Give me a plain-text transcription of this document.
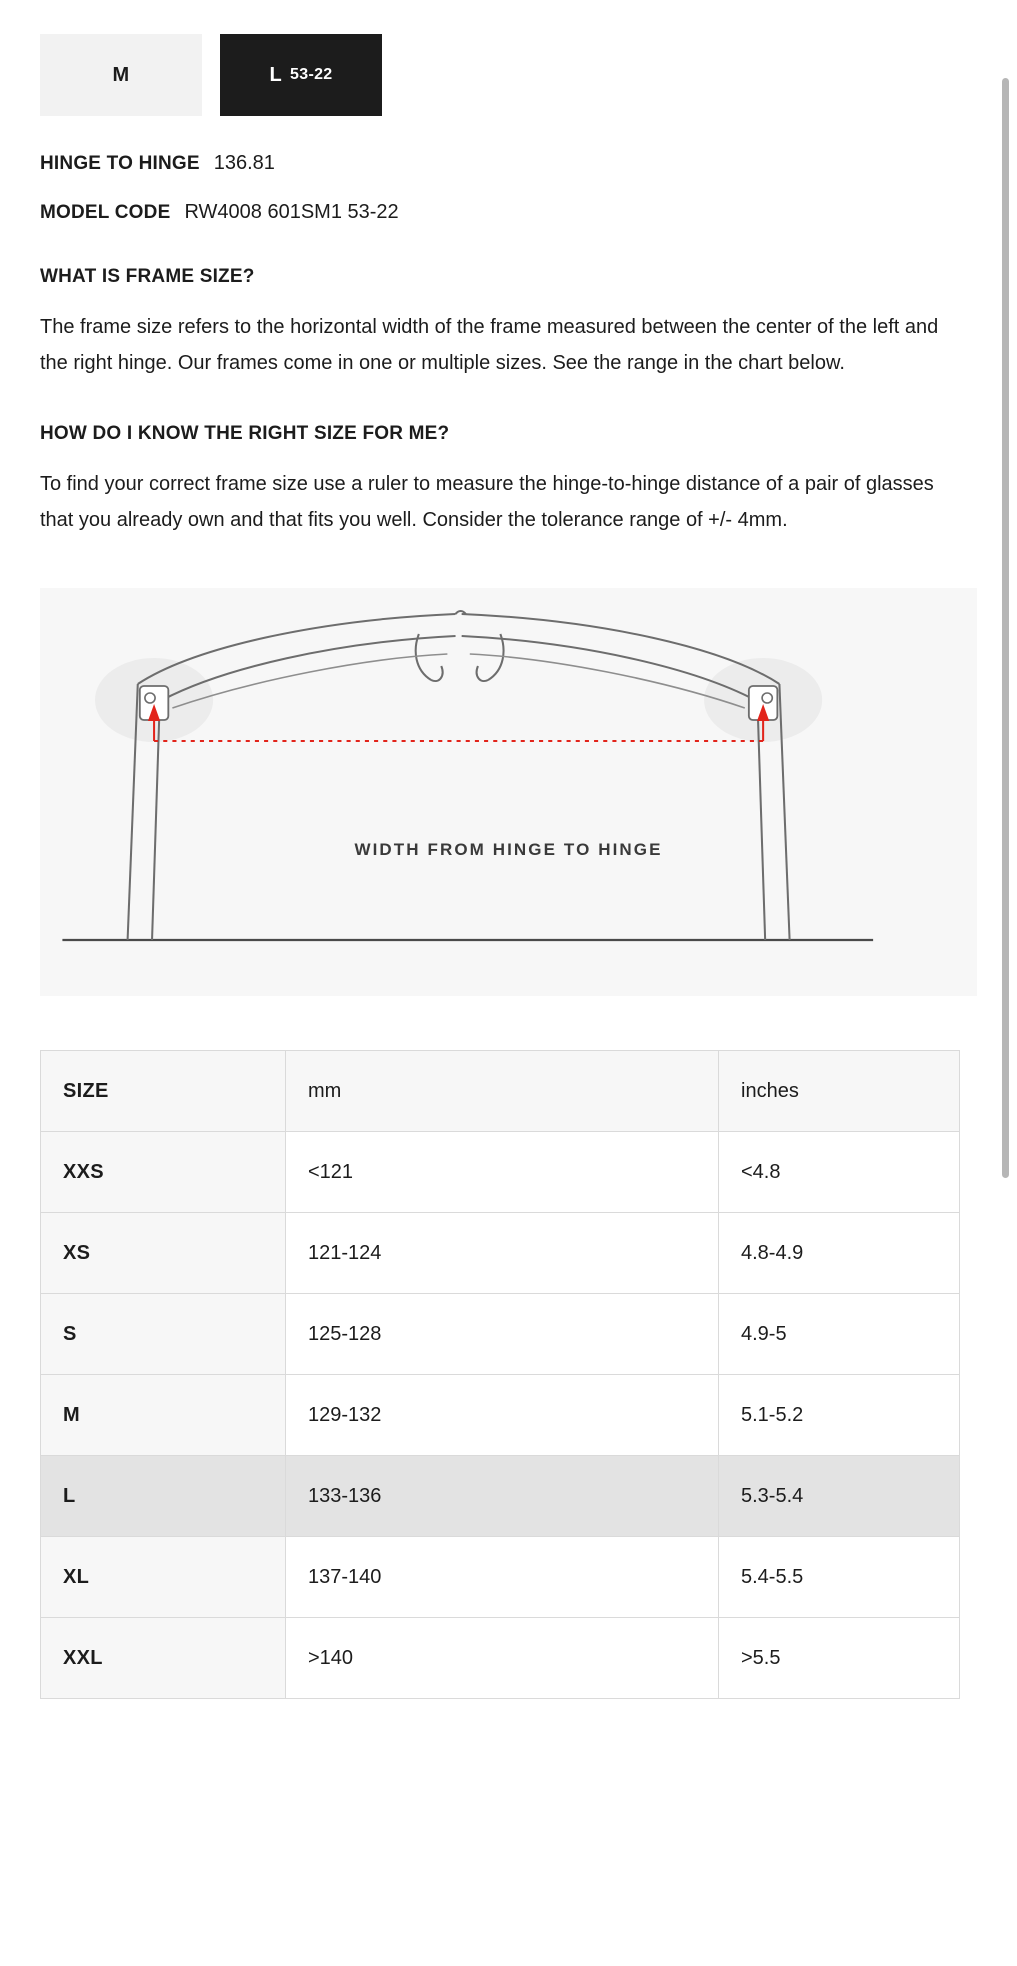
M	L 53-22
HINGE TO HINGE 136.81
MODEL CODE RW4008 601SM1 53-22
WHAT IS FRAME SIZE?
The frame size refers to the horizontal width of the frame measured between the center of the left and the right hinge. Our frames come in one or multiple sizes. See the range in the chart below.
HOW DO I KNOW THE RIGHT SIZE FOR ME?
To find your correct frame size use a ruler to measure the hinge-to-hinge distance of a pair of glasses that you already own and that fits you well. Consider the tolerance range of +/- 4mm.
WIDTH FROM HINGE TO HINGE
SIZE	mm	inches
XXS	<121	<4.8
XS	121-124	4.8-4.9
S	125-128	4.9-5
M	129-132	5.1-5.2
L	133-136	5.3-5.4
XL	137-140	5.4-5.5
XXL	>140	>5.5
